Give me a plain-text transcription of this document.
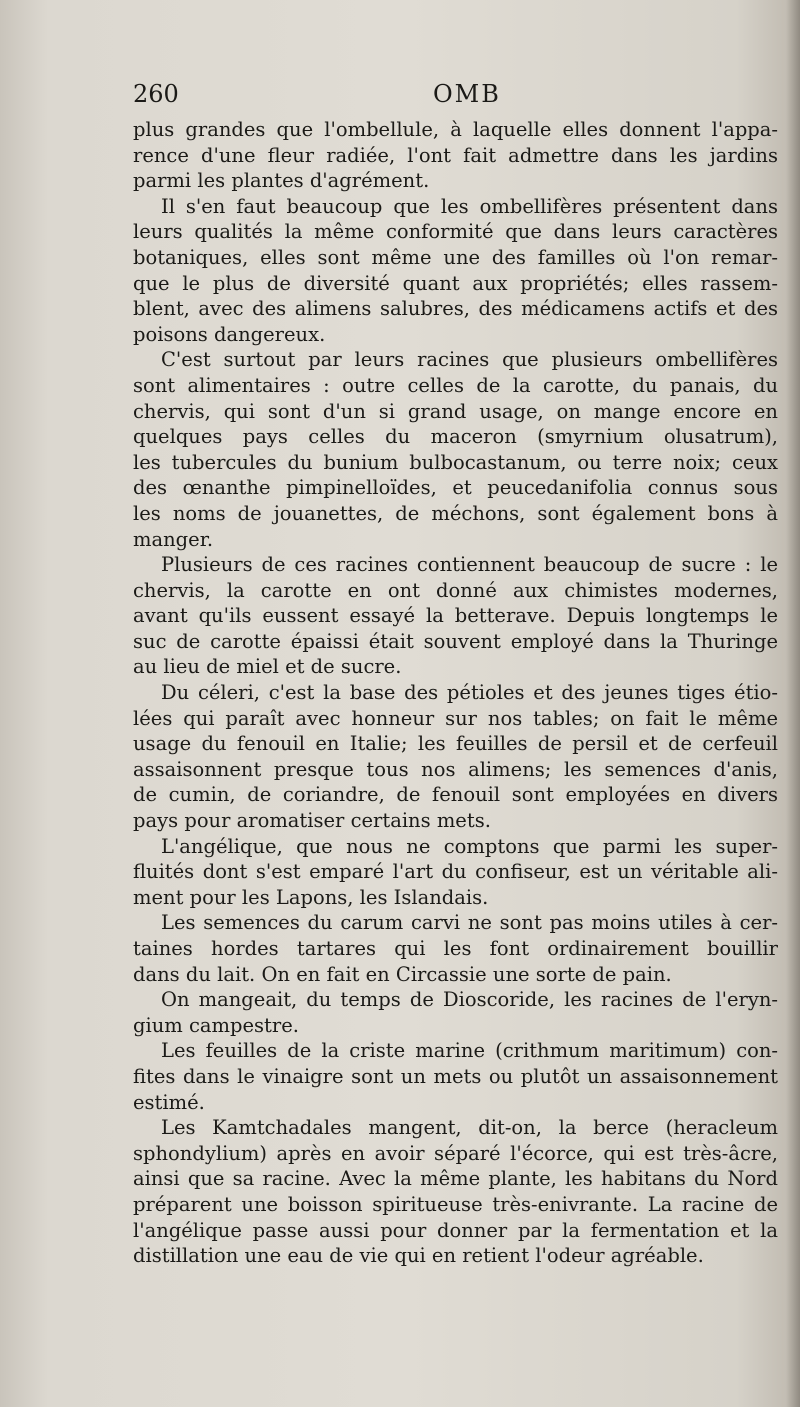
260	OMB
plus grandes que l'ombellule, à laquelle elles donnent l'appa-
rence d'une fleur radiée, l'ont fait admettre dans les jardins
parmi les plantes d'agrément.
Il s'en faut beaucoup que les ombellifères présentent dans
leurs qualités la même conformité que dans leurs caractères
botaniques, elles sont même une des familles où l'on remar-
que le plus de diversité quant aux propriétés; elles rassem-
blent, avec des alimens salubres, des médicamens actifs et des
poisons dangereux.
C'est surtout par leurs racines que plusieurs ombellifères
sont alimentaires : outre celles de la carotte, du panais, du
chervis, qui sont d'un si grand usage, on mange encore en
quelques pays celles du maceron (smyrnium olusatrum),
les tubercules du bunium bulbocastanum, ou terre noix; ceux
des œnanthe pimpinelloïdes, et peucedanifolia connus sous
les noms de jouanettes, de méchons, sont également bons à
manger.
Plusieurs de ces racines contiennent beaucoup de sucre : le
chervis, la carotte en ont donné aux chimistes modernes,
avant qu'ils eussent essayé la betterave. Depuis longtemps le
suc de carotte épaissi était souvent employé dans la Thuringe
au lieu de miel et de sucre.
Du céleri, c'est la base des pétioles et des jeunes tiges étio-
lées qui paraît avec honneur sur nos tables; on fait le même
usage du fenouil en Italie; les feuilles de persil et de cerfeuil
assaisonnent presque tous nos alimens; les semences d'anis,
de cumin, de coriandre, de fenouil sont employées en divers
pays pour aromatiser certains mets.
L'angélique, que nous ne comptons que parmi les super-
fluités dont s'est emparé l'art du confiseur, est un véritable ali-
ment pour les Lapons, les Islandais.
Les semences du carum carvi ne sont pas moins utiles à cer-
taines hordes tartares qui les font ordinairement bouillir
dans du lait. On en fait en Circassie une sorte de pain.
On mangeait, du temps de Dioscoride, les racines de l'eryn-
gium campestre.
Les feuilles de la criste marine (crithmum maritimum) con-
fites dans le vinaigre sont un mets ou plutôt un assaisonnement
estimé.
Les Kamtchadales mangent, dit-on, la berce (heracleum
sphondylium) après en avoir séparé l'écorce, qui est très-âcre,
ainsi que sa racine. Avec la même plante, les habitans du Nord
préparent une boisson spiritueuse très-enivrante. La racine de
l'angélique passe aussi pour donner par la fermentation et la
distillation une eau de vie qui en retient l'odeur agréable.
